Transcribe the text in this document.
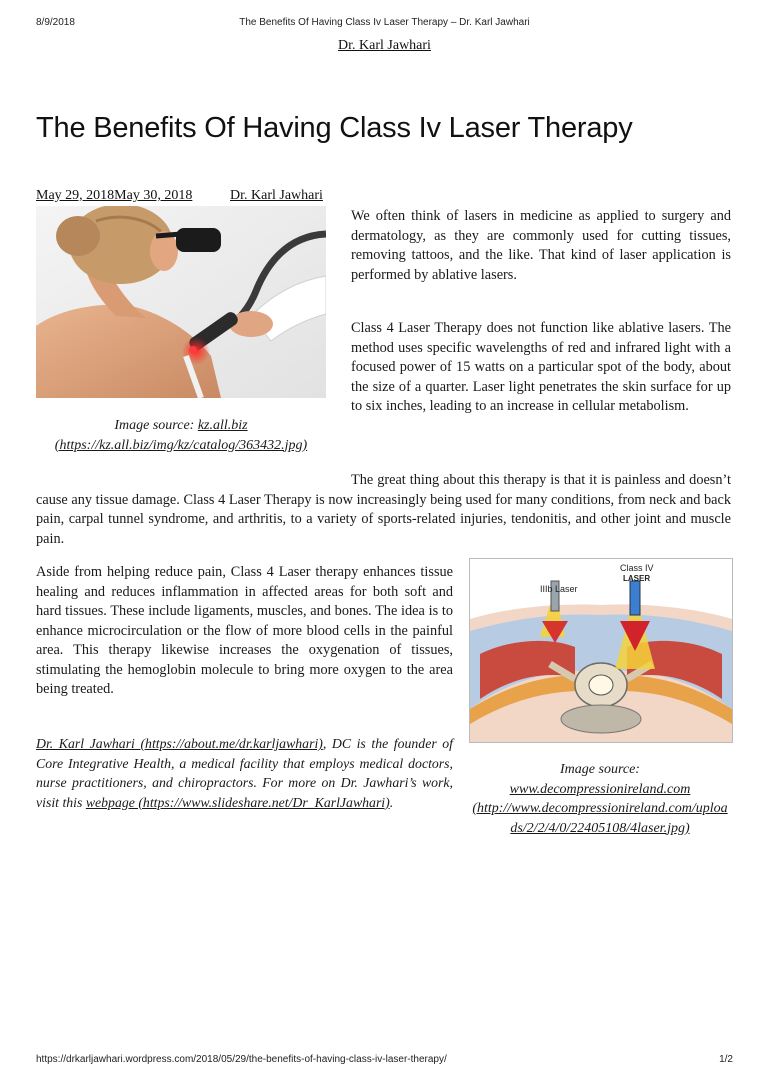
8/9/2018	The Benefits Of Having Class Iv Laser Therapy – Dr. Karl Jawhari
Dr. Karl Jawhari
The Benefits Of Having Class Iv Laser Therapy
May 29, 2018May 30, 2018	Dr. Karl Jawhari
Image source: kz.all.biz
(https://kz.all.biz/img/kz/catalog/363432.jpg)

We often think of lasers in medicine as applied to surgery and dermatology, as they are commonly used for cutting tissues, removing tattoos, and the like. That kind of laser application is performed by ablative lasers.

Class 4 Laser Therapy does not function like ablative lasers. The method uses specific wavelengths of red and infrared light with a focused power of 15 watts on a particular spot of the body, about the size of a quarter. Laser light penetrates the skin surface for up to six inches, leading to an increase in cellular metabolism.

The great thing about this therapy is that it is painless and doesn’t cause any tissue damage. Class 4 Laser Therapy is now increasingly being used for many conditions, from neck and back pain, carpal tunnel syndrome, and arthritis, to a variety of sports-related injuries, tendonitis, and other joint and muscle pain.

Aside from helping reduce pain, Class 4 Laser therapy enhances tissue healing and reduces inflammation in affected areas for both soft and hard tissues. These include ligaments, muscles, and bones. The idea is to enhance microcirculation or the flow of more blood cells in the painful area. This therapy likewise increases the oxygenation of tissues, stimulating the hemoglobin molecule to bring more oxygen to the area being treated.

Dr. Karl Jawhari (https://about.me/dr.karljawhari), DC is the founder of Core Integrative Health, a medical facility that employs medical doctors, nurse practitioners, and chiropractors. For more on Dr. Jawhari’s work, visit this webpage (https://www.slideshare.net/Dr_KarlJawhari).

Class IV
LASER
IIIb Laser
Image source:
www.decompressionireland.com
(http://www.decompressionireland.com/uploads/2/2/4/0/22405108/4laser.jpg)
https://drkarljawhari.wordpress.com/2018/05/29/the-benefits-of-having-class-iv-laser-therapy/	1/2
